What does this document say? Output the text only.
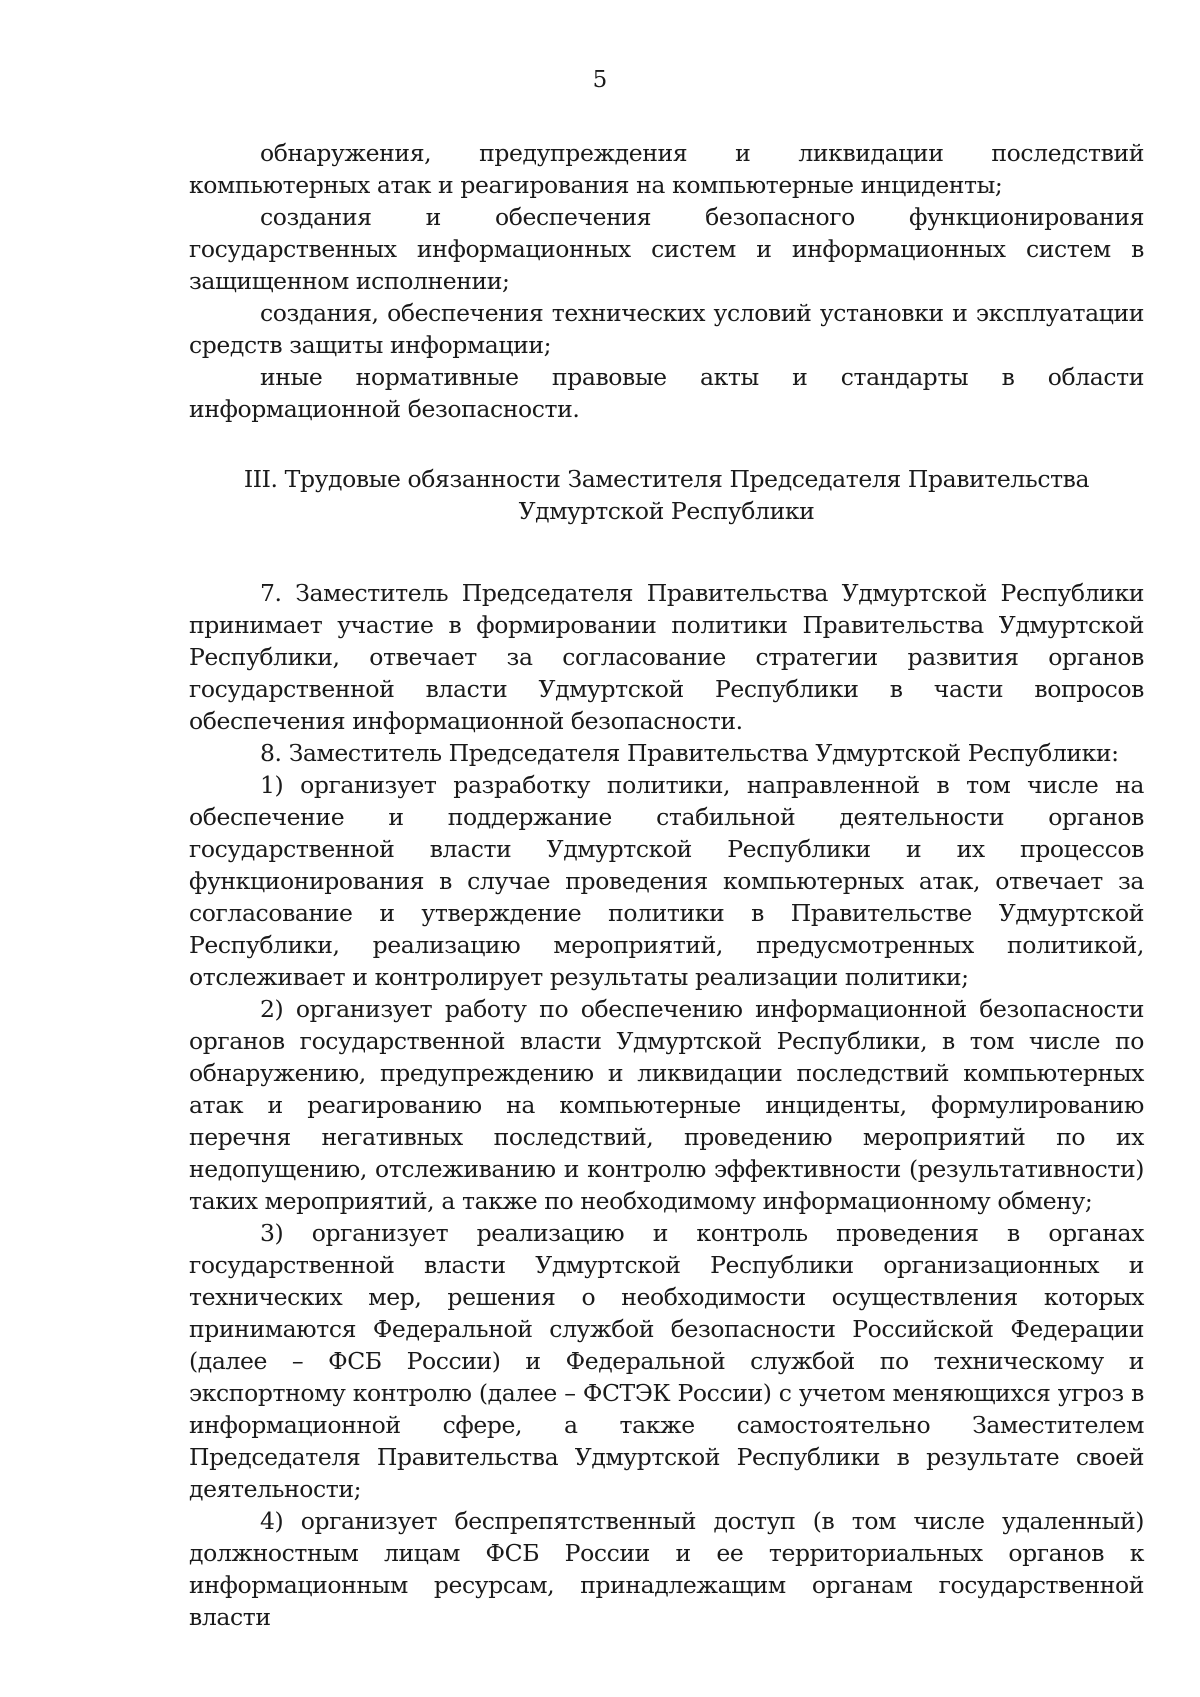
5

обнаружения, предупреждения и ликвидации последствий компьютерных атак и реагирования на компьютерные инциденты;

создания и обеспечения безопасного функционирования государственных информационных систем и информационных систем в защищенном исполнении;

создания, обеспечения технических условий установки и эксплуатации средств защиты информации;

иные нормативные правовые акты и стандарты в области информационной безопасности.

III. Трудовые обязанности Заместителя Председателя Правительства
Удмуртской Республики

7. Заместитель Председателя Правительства Удмуртской Республики принимает участие в формировании политики Правительства Удмуртской Республики, отвечает за согласование стратегии развития органов государственной власти Удмуртской Республики в части вопросов обеспечения информационной безопасности.

8. Заместитель Председателя Правительства Удмуртской Республики:

1) организует разработку политики, направленной в том числе на обеспечение и поддержание стабильной деятельности органов государственной власти Удмуртской Республики и их процессов функционирования в случае проведения компьютерных атак, отвечает за согласование и утверждение политики в Правительстве Удмуртской Республики, реализацию мероприятий, предусмотренных политикой, отслеживает и контролирует результаты реализации политики;

2) организует работу по обеспечению информационной безопасности органов государственной власти Удмуртской Республики, в том числе по обнаружению, предупреждению и ликвидации последствий компьютерных атак и реагированию на компьютерные инциденты, формулированию перечня негативных последствий, проведению мероприятий по их недопущению, отслеживанию и контролю эффективности (результативности) таких мероприятий, а также по необходимому информационному обмену;

3) организует реализацию и контроль проведения в органах государственной власти Удмуртской Республики организационных и технических мер, решения о необходимости осуществления которых принимаются Федеральной службой безопасности Российской Федерации (далее – ФСБ России) и Федеральной службой по техническому и экспортному контролю (далее – ФСТЭК России) с учетом меняющихся угроз в информационной сфере, а также самостоятельно Заместителем Председателя Правительства Удмуртской Республики в результате своей деятельности;

4) организует беспрепятственный доступ (в том числе удаленный) должностным лицам ФСБ России и ее территориальных органов к информационным ресурсам, принадлежащим органам государственной власти
